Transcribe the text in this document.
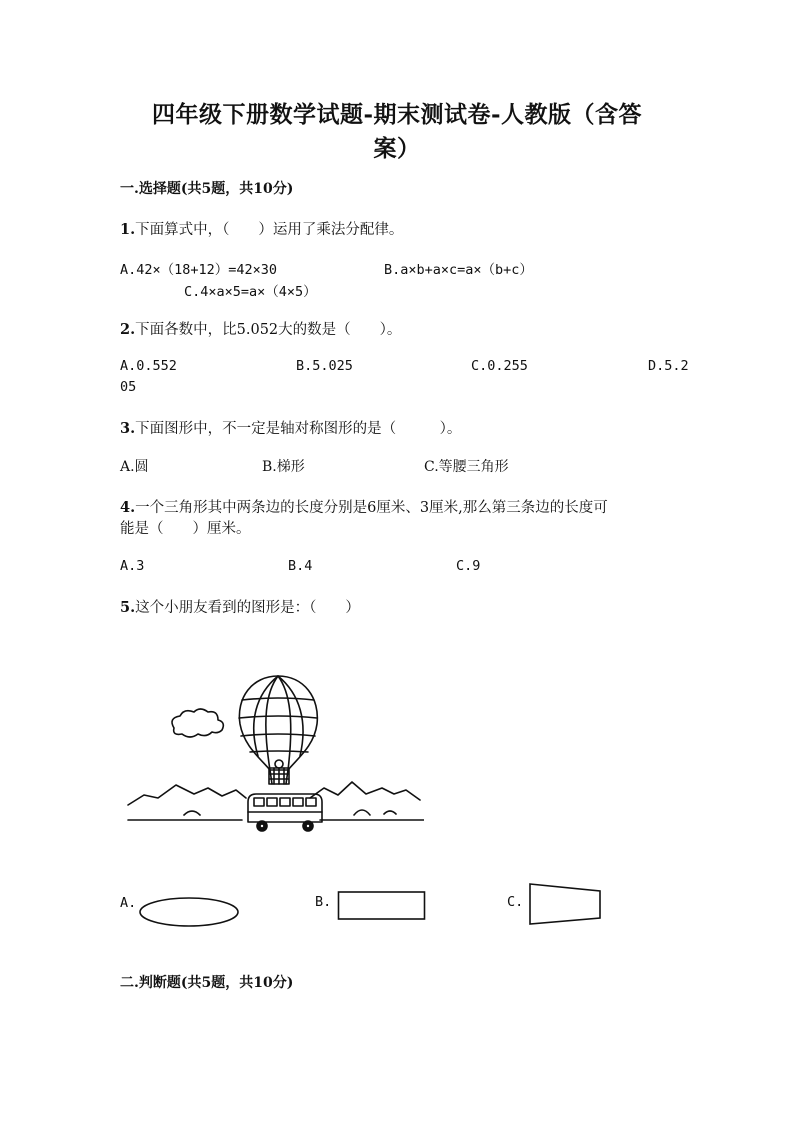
四年级下册数学试题-期末测试卷-人教版（含答
案）
一.选择题(共5题，共10分)
1.下面算式中，（　　）运用了乘法分配律。
A.42×（18+12）=42×30	B.a×b+a×c=a×（b+c）
C.4×a×5=a×（4×5）
2.下面各数中，比5.052大的数是（　　）。
A.0.552	B.5.025	C.0.255	D.5.2
05
3.下面图形中，不一定是轴对称图形的是（　　　）。
A.圆	B.梯形	C.等腰三角形
4.一个三角形其中两条边的长度分别是6厘米、3厘米,那么第三条边的长度可
能是（　　）厘米。
A.3	B.4	C.9
5.这个小朋友看到的图形是：（　　）
A.	B.	C.
二.判断题(共5题，共10分)
